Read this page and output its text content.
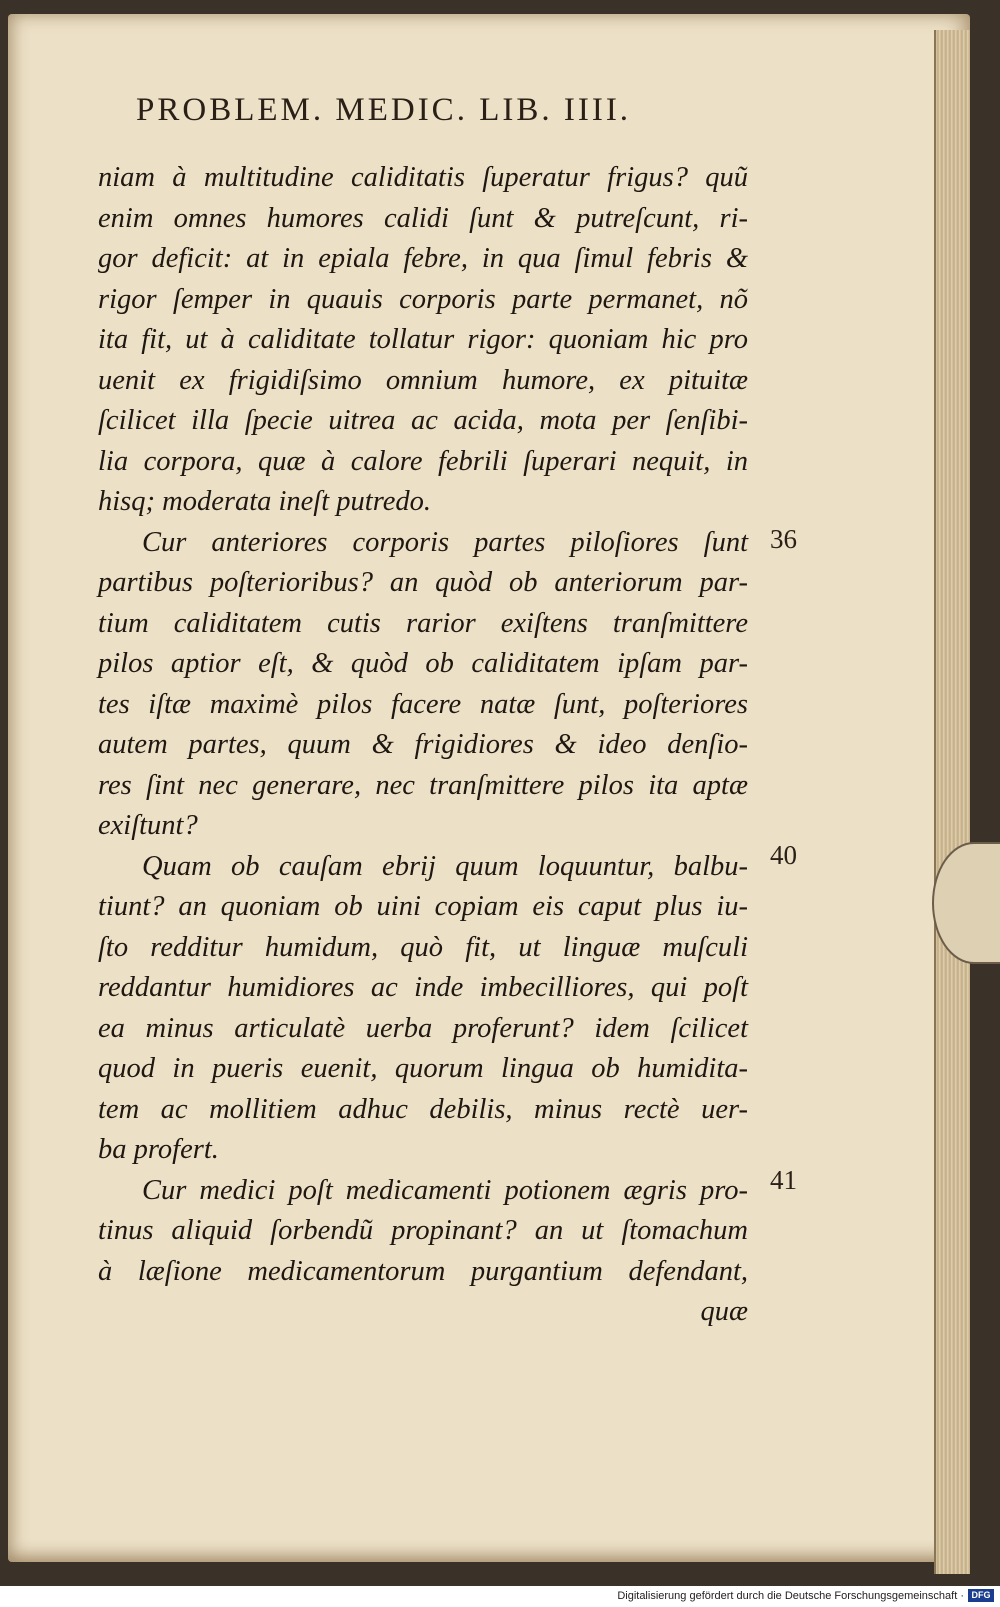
PROBLEM. MEDIC. LIB. IIII.
niam à multitudine caliditatis ſuperatur frigus? quũ
enim omnes humores calidi ſunt & putreſcunt, ri-
gor deficit: at in epiala febre, in qua ſimul febris &
rigor ſemper in quauis corporis parte permanet, nõ
ita fit, ut à caliditate tollatur rigor: quoniam hic pro
uenit ex frigidiſsimo omnium humore, ex pituitæ
ſcilicet illa ſpecie uitrea ac acida, mota per ſenſibi-
lia corpora, quæ à calore febrili ſuperari nequit, in
hisq; moderata ineſt putredo.
Cur anteriores corporis partes piloſiores ſunt
partibus poſterioribus? an quòd ob anteriorum par-
tium caliditatem cutis rarior exiſtens tranſmittere
pilos aptior eſt, & quòd ob caliditatem ipſam par-
tes iſtæ maximè pilos facere natæ ſunt, poſteriores
autem partes, quum & frigidiores & ideo denſio-
res ſint nec generare, nec tranſmittere pilos ita aptæ
exiſtunt?
Quam ob cauſam ebrij quum loquuntur, balbu-
tiunt? an quoniam ob uini copiam eis caput plus iu-
ſto redditur humidum, quò fit, ut linguæ muſculi
reddantur humidiores ac inde imbecilliores, qui poſt
ea minus articulatè uerba proferunt? idem ſcilicet
quod in pueris euenit, quorum lingua ob humidita-
tem ac mollitiem adhuc debilis, minus rectè uer-
ba profert.
Cur medici poſt medicamenti potionem ægris pro-
tinus aliquid ſorbendũ propinant? an ut ſtomachum
à læſione medicamentorum purgantium defendant,
quæ
36
40
41
Digitalisierung gefördert durch die Deutsche Forschungsgemeinschaft · DFG
